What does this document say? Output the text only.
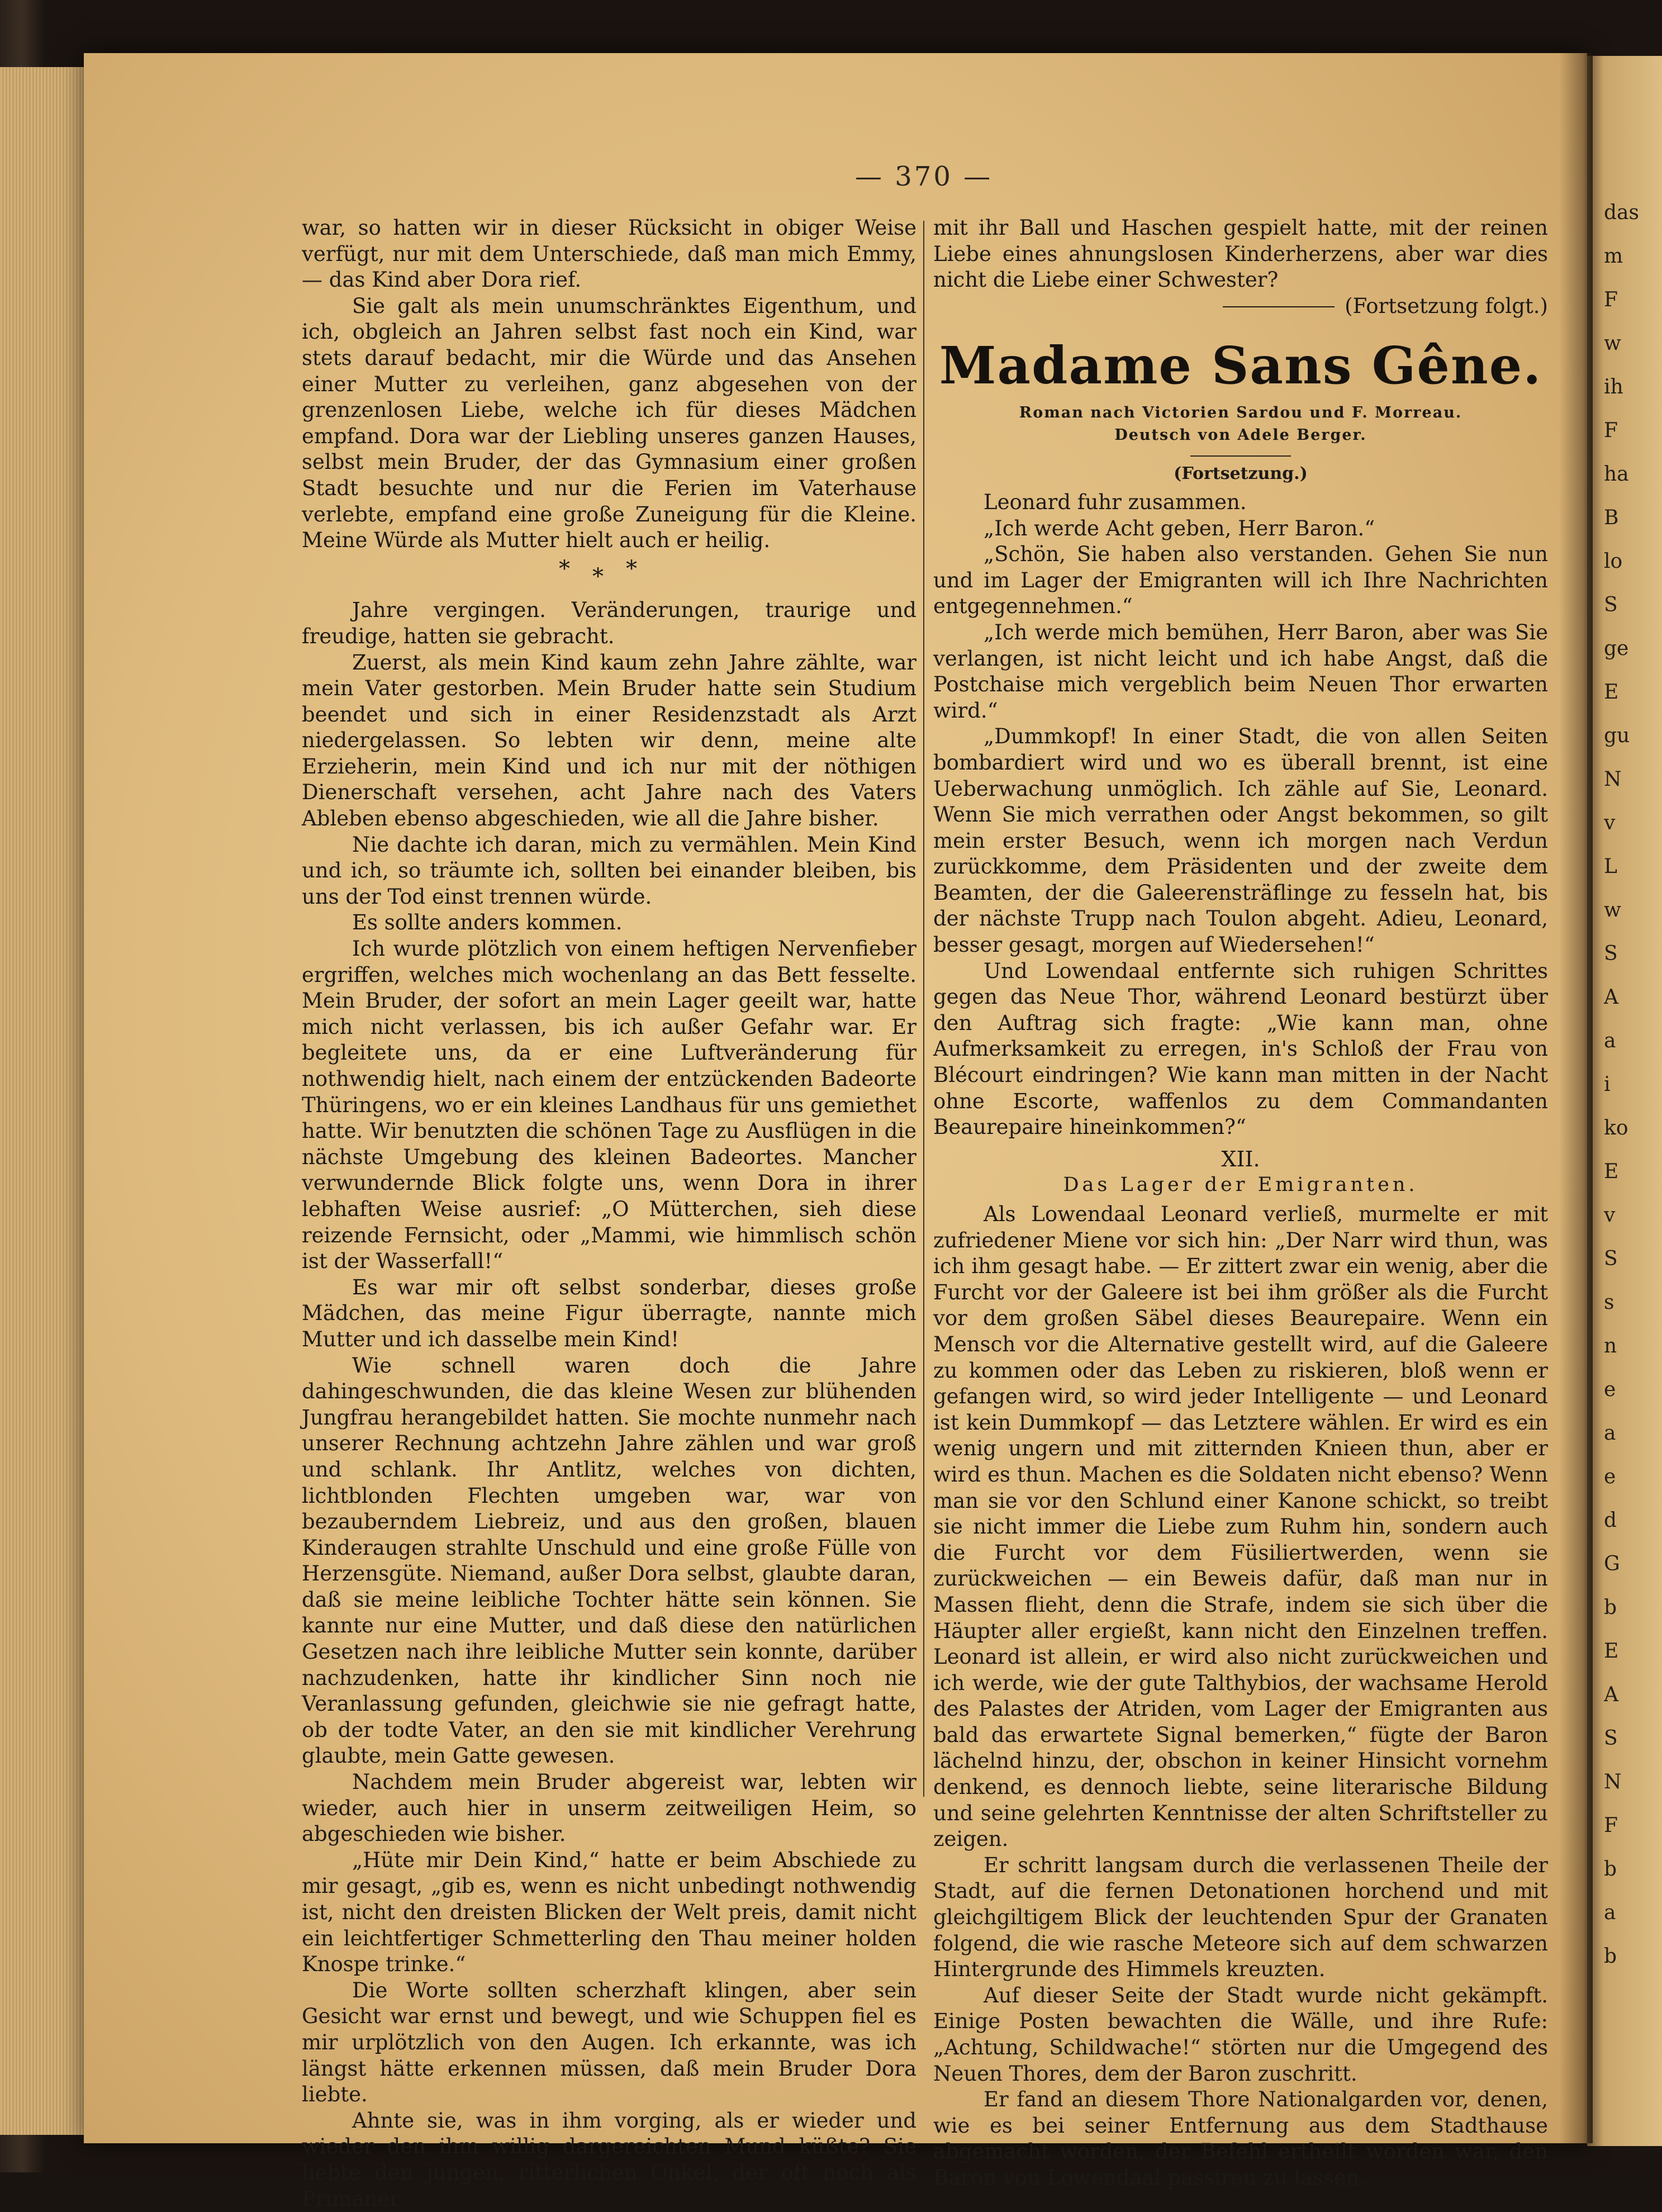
das
m
F
w
ih
F
ha
B
lo
S
ge
E
gu
N
v
L
w
S
A
a
i
ko
E
v
S
s
n
e
a
e
d
G
b
E
A
S
N
F
b
a
b
— 370 —

war, so hatten wir in dieser Rücksicht in obiger Weise verfügt, nur mit dem Unterschiede, daß man mich Emmy, — das Kind aber Dora rief.

Sie galt als mein unumschränktes Eigenthum, und ich, obgleich an Jahren selbst fast noch ein Kind, war stets darauf bedacht, mir die Würde und das Ansehen einer Mutter zu verleihen, ganz abgesehen von der grenzenlosen Liebe, welche ich für dieses Mädchen empfand. Dora war der Liebling unseres ganzen Hauses, selbst mein Bruder, der das Gymnasium einer großen Stadt besuchte und nur die Ferien im Vaterhause verlebte, empfand eine große Zuneigung für die Kleine. Meine Würde als Mutter hielt auch er heilig.

***

Jahre vergingen. Veränderungen, traurige und freudige, hatten sie gebracht.

Zuerst, als mein Kind kaum zehn Jahre zählte, war mein Vater gestorben. Mein Bruder hatte sein Studium beendet und sich in einer Residenzstadt als Arzt niedergelassen. So lebten wir denn, meine alte Erzieherin, mein Kind und ich nur mit der nöthigen Dienerschaft versehen, acht Jahre nach des Vaters Ableben ebenso abgeschieden, wie all die Jahre bisher.

Nie dachte ich daran, mich zu vermählen. Mein Kind und ich, so träumte ich, sollten bei einander bleiben, bis uns der Tod einst trennen würde.

Es sollte anders kommen.

Ich wurde plötzlich von einem heftigen Nervenfieber ergriffen, welches mich wochenlang an das Bett fesselte. Mein Bruder, der sofort an mein Lager geeilt war, hatte mich nicht verlassen, bis ich außer Gefahr war. Er begleitete uns, da er eine Luftveränderung für nothwendig hielt, nach einem der entzückenden Badeorte Thüringens, wo er ein kleines Landhaus für uns gemiethet hatte. Wir benutzten die schönen Tage zu Ausflügen in die nächste Umgebung des kleinen Badeortes. Mancher verwundernde Blick folgte uns, wenn Dora in ihrer lebhaften Weise ausrief: „O Mütterchen, sieh diese reizende Fernsicht, oder „Mammi, wie himmlisch schön ist der Wasserfall!“

Es war mir oft selbst sonderbar, dieses große Mädchen, das meine Figur überragte, nannte mich Mutter und ich dasselbe mein Kind!

Wie schnell waren doch die Jahre dahingeschwunden, die das kleine Wesen zur blühenden Jungfrau herangebildet hatten. Sie mochte nunmehr nach unserer Rechnung achtzehn Jahre zählen und war groß und schlank. Ihr Antlitz, welches von dichten, lichtblonden Flechten umgeben war, war von bezauberndem Liebreiz, und aus den großen, blauen Kinderaugen strahlte Unschuld und eine große Fülle von Herzensgüte. Niemand, außer Dora selbst, glaubte daran, daß sie meine leibliche Tochter hätte sein können. Sie kannte nur eine Mutter, und daß diese den natürlichen Gesetzen nach ihre leibliche Mutter sein konnte, darüber nachzudenken, hatte ihr kindlicher Sinn noch nie Veranlassung gefunden, gleichwie sie nie gefragt hatte, ob der todte Vater, an den sie mit kindlicher Verehrung glaubte, mein Gatte gewesen.

Nachdem mein Bruder abgereist war, lebten wir wieder, auch hier in unserm zeitweiligen Heim, so abgeschieden wie bisher.

„Hüte mir Dein Kind,“ hatte er beim Abschiede zu mir gesagt, „gib es, wenn es nicht unbedingt nothwendig ist, nicht den dreisten Blicken der Welt preis, damit nicht ein leichtfertiger Schmetterling den Thau meiner holden Knospe trinke.“

Die Worte sollten scherzhaft klingen, aber sein Gesicht war ernst und bewegt, und wie Schuppen fiel es mir urplötzlich von den Augen. Ich erkannte, was ich längst hätte erkennen müssen, daß mein Bruder Dora liebte.

Ahnte sie, was in ihm vorging, als er wieder und wieder den ihm willig dargereichten Mund küßte? Sie liebte den jungen, ritterlichen Onkel, der oft noch als Primaner

mit ihr Ball und Haschen gespielt hatte, mit der reinen Liebe eines ahnungslosen Kinderherzens, aber war dies nicht die Liebe einer Schwester?

(Fortsetzung folgt.)
Madame Sans Gêne.
Roman nach Victorien Sardou und F. Morreau.
Deutsch von Adele Berger.
(Fortsetzung.)

Leonard fuhr zusammen.

„Ich werde Acht geben, Herr Baron.“

„Schön, Sie haben also verstanden. Gehen Sie nun und im Lager der Emigranten will ich Ihre Nachrichten entgegennehmen.“

„Ich werde mich bemühen, Herr Baron, aber was Sie verlangen, ist nicht leicht und ich habe Angst, daß die Postchaise mich vergeblich beim Neuen Thor erwarten wird.“

„Dummkopf! In einer Stadt, die von allen Seiten bombardiert wird und wo es überall brennt, ist eine Ueberwachung unmöglich. Ich zähle auf Sie, Leonard. Wenn Sie mich verrathen oder Angst bekommen, so gilt mein erster Besuch, wenn ich morgen nach Verdun zurückkomme, dem Präsidenten und der zweite dem Beamten, der die Galeerensträflinge zu fesseln hat, bis der nächste Trupp nach Toulon abgeht. Adieu, Leonard, besser gesagt, morgen auf Wiedersehen!“

Und Lowendaal entfernte sich ruhigen Schrittes gegen das Neue Thor, während Leonard bestürzt über den Auftrag sich fragte: „Wie kann man, ohne Aufmerksamkeit zu erregen, in's Schloß der Frau von Blécourt eindringen? Wie kann man mitten in der Nacht ohne Escorte, waffenlos zu dem Commandanten Beaurepaire hineinkommen?“

XII.
Das Lager der Emigranten.

Als Lowendaal Leonard verließ, murmelte er mit zufriedener Miene vor sich hin: „Der Narr wird thun, was ich ihm gesagt habe. — Er zittert zwar ein wenig, aber die Furcht vor der Galeere ist bei ihm größer als die Furcht vor dem großen Säbel dieses Beaurepaire. Wenn ein Mensch vor die Alternative gestellt wird, auf die Galeere zu kommen oder das Leben zu riskieren, bloß wenn er gefangen wird, so wird jeder Intelligente — und Leonard ist kein Dummkopf — das Letztere wählen. Er wird es ein wenig ungern und mit zitternden Knieen thun, aber er wird es thun. Machen es die Soldaten nicht ebenso? Wenn man sie vor den Schlund einer Kanone schickt, so treibt sie nicht immer die Liebe zum Ruhm hin, sondern auch die Furcht vor dem Füsiliertwerden, wenn sie zurückweichen — ein Beweis dafür, daß man nur in Massen flieht, denn die Strafe, indem sie sich über die Häupter aller ergießt, kann nicht den Einzelnen treffen. Leonard ist allein, er wird also nicht zurückweichen und ich werde, wie der gute Talthybios, der wachsame Herold des Palastes der Atriden, vom Lager der Emigranten aus bald das erwartete Signal bemerken,“ fügte der Baron lächelnd hinzu, der, obschon in keiner Hinsicht vornehm denkend, es dennoch liebte, seine literarische Bildung und seine gelehrten Kenntnisse der alten Schriftsteller zu zeigen.

Er schritt langsam durch die verlassenen Theile der Stadt, auf die fernen Detonationen horchend und mit gleichgiltigem Blick der leuchtenden Spur der Granaten folgend, die wie rasche Meteore sich auf dem schwarzen Hintergrunde des Himmels kreuzten.

Auf dieser Seite der Stadt wurde nicht gekämpft. Einige Posten bewachten die Wälle, und ihre Rufe: „Achtung, Schildwache!“ störten nur die Umgegend des Neuen Thores, dem der Baron zuschritt.

Er fand an diesem Thore Nationalgarden vor, denen, wie es bei seiner Entfernung aus dem Stadthause abgemacht worden, der Befehl ertheilt worden war, den Baron von Lowendaal passiren zu lassen.
